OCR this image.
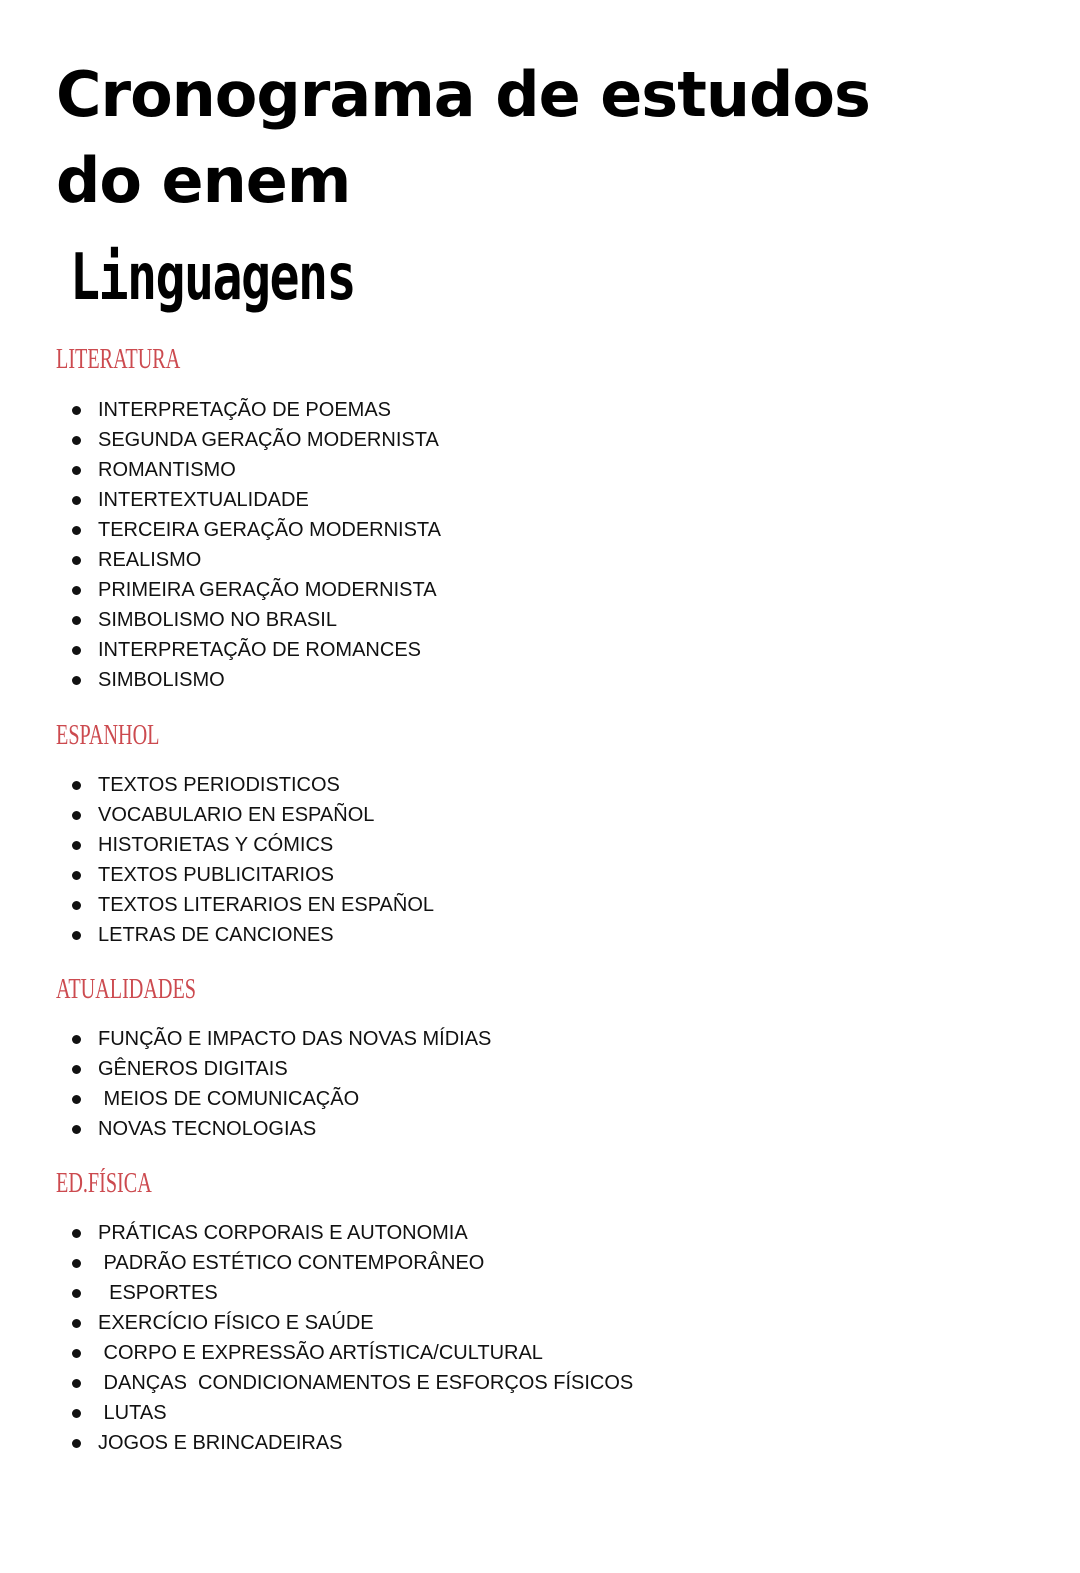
Cronograma de estudos do enem
Linguagens
LITERATURA
INTERPRETAÇÃO DE POEMAS
SEGUNDA GERAÇÃO MODERNISTA
ROMANTISMO
INTERTEXTUALIDADE
TERCEIRA GERAÇÃO MODERNISTA
REALISMO
PRIMEIRA GERAÇÃO MODERNISTA
SIMBOLISMO NO BRASIL
INTERPRETAÇÃO DE ROMANCES
SIMBOLISMO
ESPANHOL
TEXTOS PERIODISTICOS
VOCABULARIO EN ESPAÑOL
HISTORIETAS Y CÓMICS
TEXTOS PUBLICITARIOS
TEXTOS LITERARIOS EN ESPAÑOL
LETRAS DE CANCIONES
ATUALIDADES
FUNÇÃO E IMPACTO DAS NOVAS MÍDIAS
GÊNEROS DIGITAIS
MEIOS DE COMUNICAÇÃO
NOVAS TECNOLOGIAS
ED.FÍSICA
PRÁTICAS CORPORAIS E AUTONOMIA
PADRÃO ESTÉTICO CONTEMPORÂNEO
ESPORTES
EXERCÍCIO FÍSICO E SAÚDE
CORPO E EXPRESSÃO ARTÍSTICA/CULTURAL
DANÇAS  CONDICIONAMENTOS E ESFORÇOS FÍSICOS
LUTAS
JOGOS E BRINCADEIRAS
